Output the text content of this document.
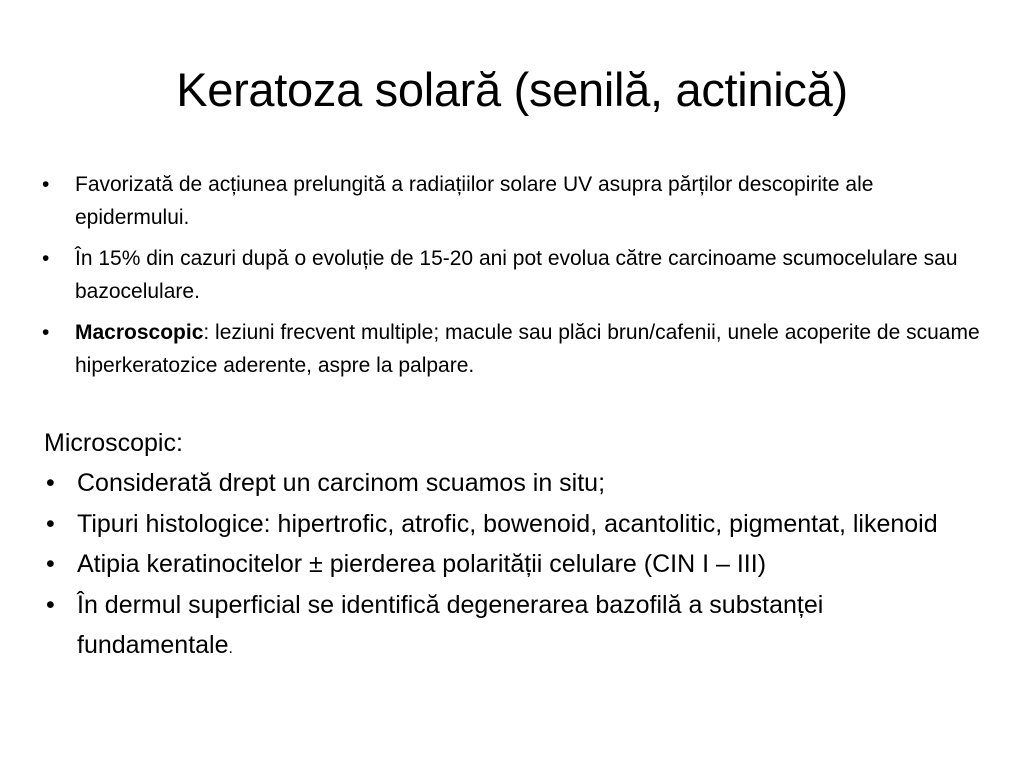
Keratoza solară (senilă, actinică)
•	Favorizată de acțiunea prelungită a radiațiilor solare UV asupra părților descopirite ale epidermului.
•	În 15% din cazuri după o evoluție de 15-20 ani pot evolua către carcinoame scumocelulare sau bazocelulare.
•	Macroscopic: leziuni frecvent multiple; macule sau plăci brun/cafenii, unele acoperite de scuame hiperkeratozice aderente, aspre la palpare.

Microscopic:

• Considerată drept un carcinom scuamos in situ;
• Tipuri histologice: hipertrofic, atrofic, bowenoid, acantolitic, pigmentat, likenoid
• Atipia keratinocitelor ± pierderea polarității celulare (CIN I – III)
• În dermul superficial se identifică degenerarea bazofilă a substanței fundamentale.
